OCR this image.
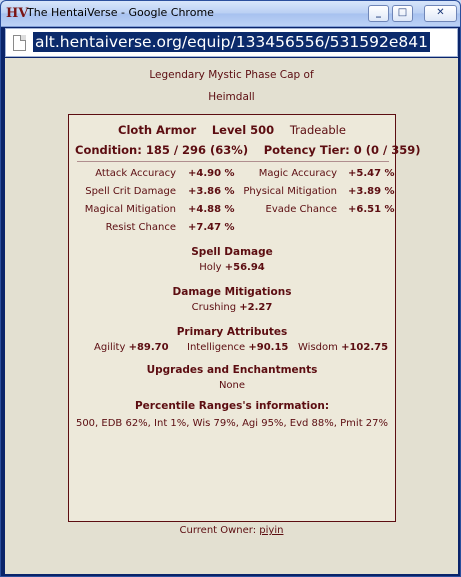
HV
The HentaiVerse - Google Chrome	_	□	✕
alt.hentaiverse.org/equip/133456556/531592e841
Legendary Mystic Phase Cap of
Heimdall
Cloth Armor Level 500 Tradeable
Condition: 185 / 296 (63%) Potency Tier: 0 (0 / 359)
Attack Accuracy +4.90 % Magic Accuracy +5.47 %
Spell Crit Damage +3.86 % Physical Mitigation +3.89 %
Magical Mitigation +4.88 %	Evade Chance +6.51 %
Resist Chance +7.47 %
Spell Damage
Holy +56.94
Damage Mitigations
Crushing +2.27
Primary Attributes
Agility +89.70 Intelligence +90.15 Wisdom +102.75
Upgrades and Enchantments
None
Percentile Ranges's information:
500, EDB 62%, Int 1%, Wis 79%, Agi 95%, Evd 88%, Pmit 27%
Current Owner: piyin
